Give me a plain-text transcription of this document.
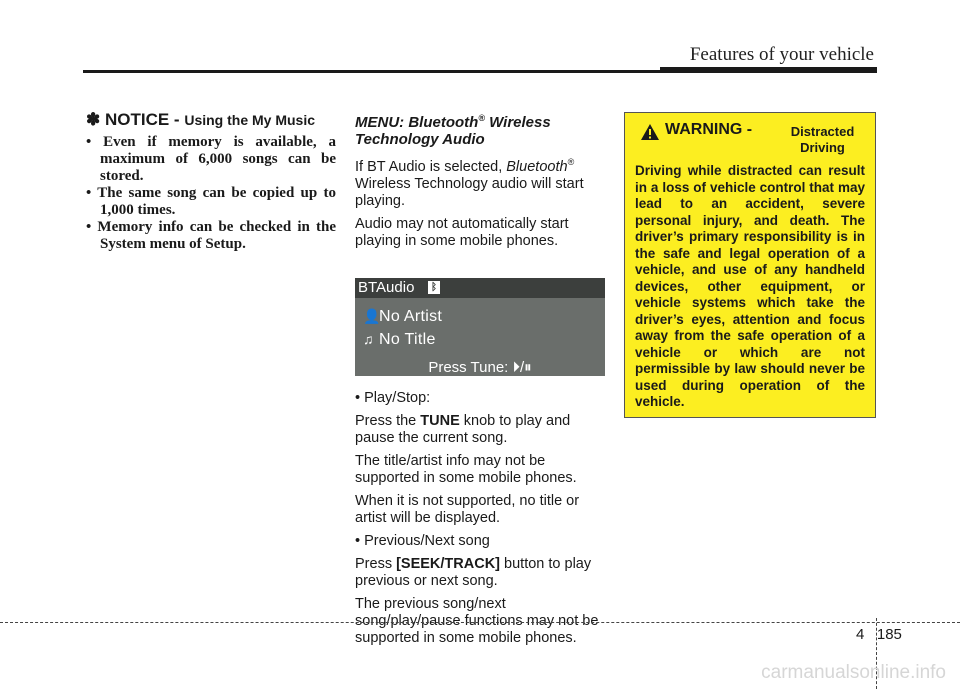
Features of your vehicle
✽ NOTICE - Using the My Music
• Even if memory is available, a maximum of 6,000 songs can be stored.
• The same song can be copied up to 1,000 times.
• Memory info can be checked in the System menu of Setup.
MENU: Bluetooth® Wireless Technology Audio

If BT Audio is selected, Bluetooth® Wireless Technology audio will start playing.

Audio may not automatically start playing in some mobile phones.

BTAudio	ᛒ
👤No Artist
♫ No Title
Press Tune: ⏵/⏸

• Play/Stop:

Press the TUNE knob to play and pause the current song.

The title/artist info may not be supported in some mobile phones.

When it is not supported, no title or artist will be displayed.

• Previous/Next song

Press [SEEK/TRACK] button to play previous or next song.

The previous song/next song/play/pause functions may not be supported in some mobile phones.

WARNING -	Distracted Driving
Driving while distracted can result in a loss of vehicle control that may lead to an accident, severe personal injury, and death. The driver’s primary responsibility is in the safe and legal operation of a vehicle, and use of any handheld devices, other equipment, or vehicle systems which take the driver’s eyes, attention and focus away from the safe operation of a vehicle or which are not permissible by law should never be used during operation of the vehicle.
4 185
carmanualsonline.info
